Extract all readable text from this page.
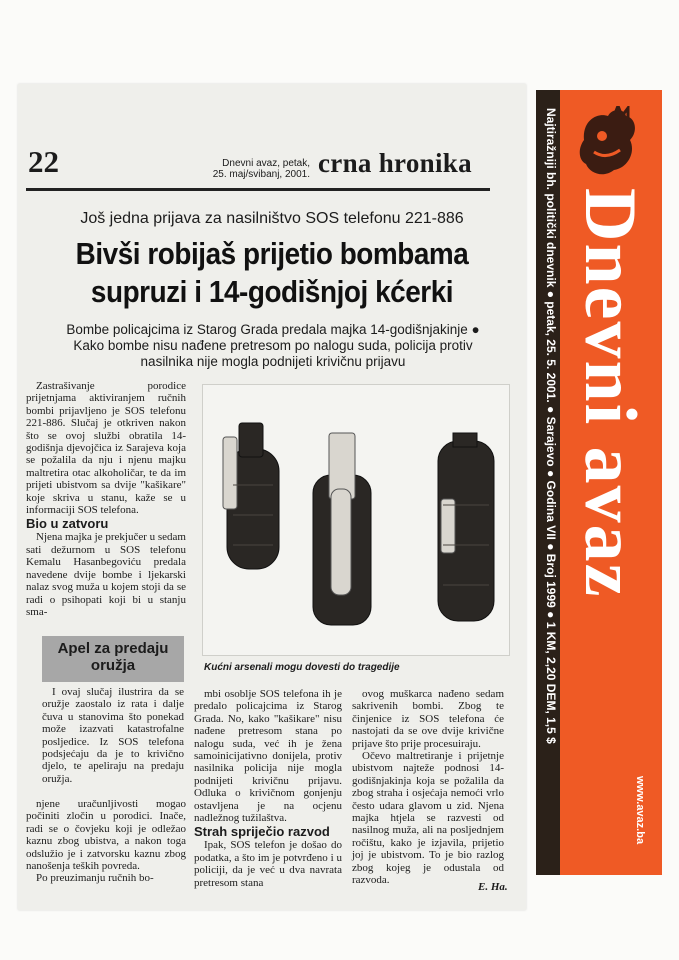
22	Dnevni avaz, petak, 25. maj/svibanj, 2001. crna hronika
Još jedna prijava za nasilništvo SOS telefonu 221-886
Bivši robijaš prijetio bombama supruzi i 14-godišnjoj kćerki
Bombe policajcima iz Starog Grada predala majka 14-godišnjakinje ● Kako bombe nisu nađene pretresom po nalogu suda, policija protiv nasilnika nije mogla podnijeti krivičnu prijavu

Zastrašivanje porodice prijetnjama aktiviranjem ručnih bombi prijavljeno je SOS telefonu 221-886. Slučaj je otkriven nakon što se ovoj službi obratila 14-godišnja djevojčica iz Sarajeva koja se požalila da nju i njenu majku maltretira otac alkoholičar, te da im prijeti ubistvom sa dvije "kašikare" koje skriva u stanu, kaže se u informaciji SOS telefona.

Bio u zatvoru

Njena majka je prekjučer u sedam sati dežurnom u SOS telefonu Kemalu Hasanbegoviću predala navedene dvije bombe i ljekarski nalaz svog muža u kojem stoji da se radi o psihopati koji bi u stanju sma-

Kućni arsenali mogu dovesti do tragedije
Apel za predaju oružja

I ovaj slučaj ilustrira da se oružje zaostalo iz rata i dalje čuva u stanovima što ponekad može izazvati katastrofalne posljedice. Iz SOS telefona podsjećaju da je to krivično djelo, te apeliraju na predaju oružja.

njene uračunljivosti mogao počiniti zločin u porodici. Inače, radi se o čovjeku koji je odležao kaznu zbog ubistva, a nakon toga odslužio je i zatvorsku kaznu zbog nanošenja teških povreda.

Po preuzimanju ručnih bo-

mbi osoblje SOS telefona ih je predalo policajcima iz Starog Grada. No, kako "kašikare" nisu nađene pretresom stana po nalogu suda, već ih je žena samoinicijativno donijela, protiv nasilnika policija nije mogla podnijeti krivičnu prijavu. Odluka o krivičnom gonjenju ostavljena je na ocjenu nadležnog tužilaštva.

Strah spriječio razvod

Ipak, SOS telefon je došao do podatka, a što im je potvrđeno i u policiji, da je već u dva navrata pretresom stana

ovog muškarca nađeno sedam sakrivenih bombi. Zbog te činjenice iz SOS telefona će nastojati da se ove dvije krivične prijave što prije procesuiraju.

Očevo maltretiranje i prijetnje ubistvom najteže podnosi 14-godišnjakinja koja se požalila da zbog straha i osjećaja nemoći vrlo često udara glavom u zid. Njena majka htjela se razvesti od nasilnog muža, ali na posljednjem ročištu, kako je izjavila, prijetio joj je ubistvom. To je bio razlog zbog kojeg je odustala od razvoda.

E. Ha.
Najtiražniji bh. politički dnevnik ● petak, 25. 5. 2001. ● Sarajevo ● Godina VII ● Broj 1999 ● 1 KM, 2,20 DEM, 1,5 $ Dnevni avaz
www.avaz.ba
